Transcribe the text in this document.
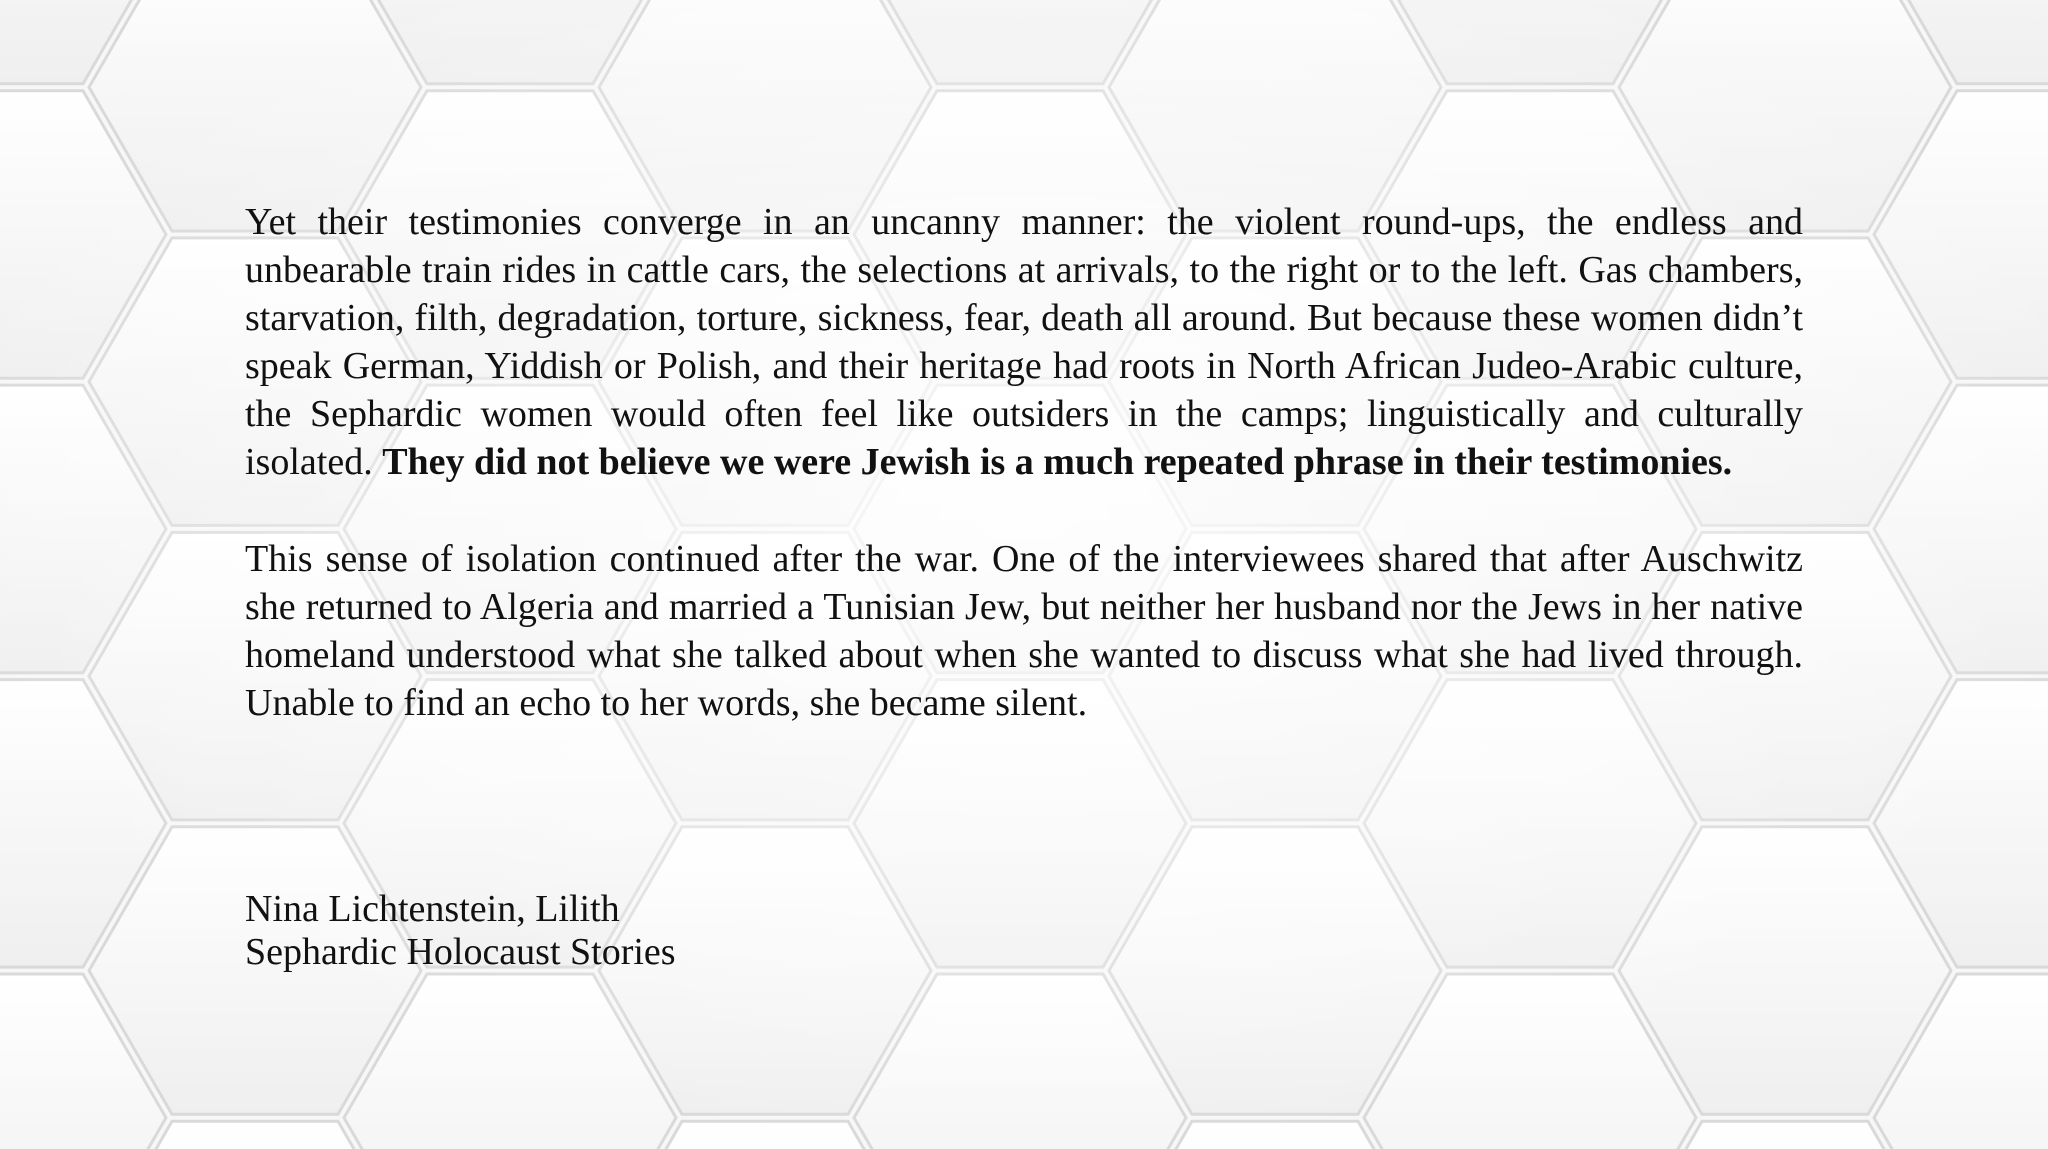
Yet their testimonies converge in an uncanny manner: the violent round-ups, the endless and unbearable train rides in cattle cars, the selections at arrivals, to the right or to the left. Gas chambers, starvation, filth, degradation, torture, sickness, fear, death all around. But because these women didn’t speak German, Yiddish or Polish, and their heritage had roots in North African Judeo-Arabic culture, the Sephardic women would often feel like outsiders in the camps; linguistically and culturally isolated. They did not believe we were Jewish is a much repeated phrase in their testimonies.

This sense of isolation continued after the war. One of the interviewees shared that after Auschwitz she returned to Algeria and married a Tunisian Jew, but neither her husband nor the Jews in her native homeland understood what she talked about when she wanted to discuss what she had lived through. Unable to find an echo to her words, she became silent.

Nina Lichtenstein, Lilith
Sephardic Holocaust Stories
